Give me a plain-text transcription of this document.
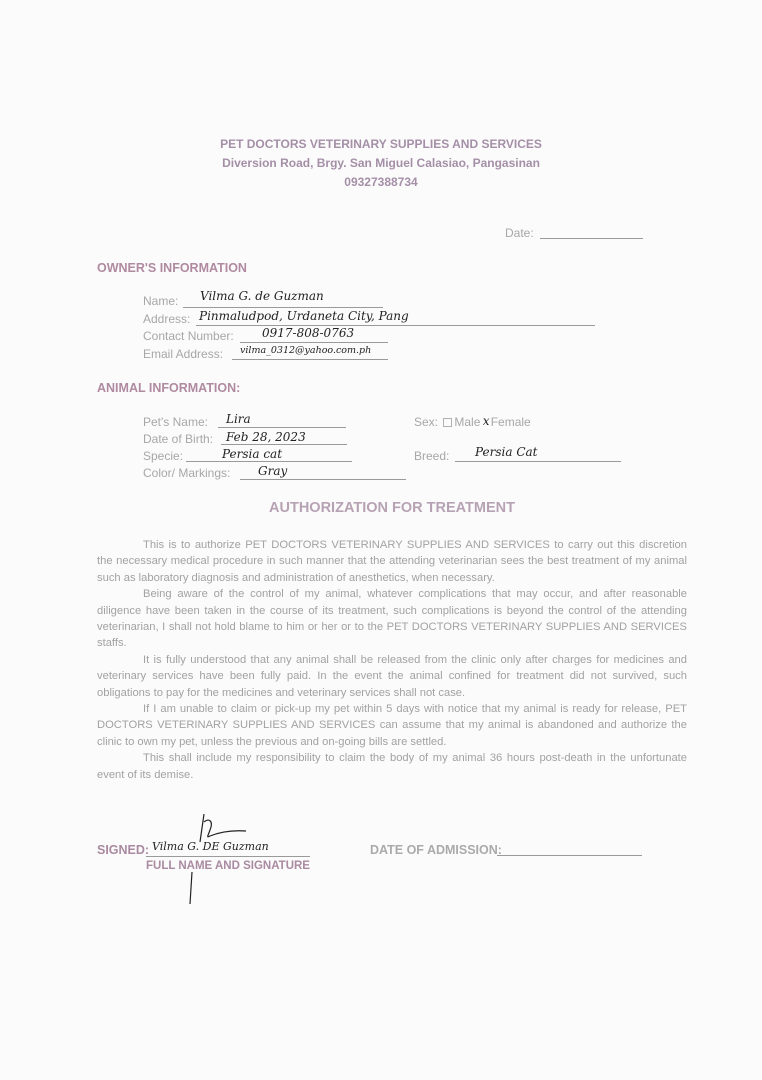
PET DOCTORS VETERINARY SUPPLIES AND SERVICES
Diversion Road, Brgy. San Miguel Calasiao, Pangasinan
09327388734
Date:
OWNER'S INFORMATION
Name: Vilma G. de Guzman
Address: Pinmaludpod, Urdaneta City, Pang
Contact Number: 0917-808-0763
Email Address: vilma_0312@yahoo.com.ph
ANIMAL INFORMATION:
Pet's Name: Lira
Date of Birth: Feb 28, 2023
Specie:	Persia cat
Color/ Markings: Gray
Sex: Male x Female
Breed: Persia Cat
AUTHORIZATION FOR TREATMENT

This is to authorize PET DOCTORS VETERINARY SUPPLIES AND SERVICES to carry out this discretion the necessary medical procedure in such manner that the attending veterinarian sees the best treatment of my animal such as laboratory diagnosis and administration of anesthetics, when necessary.

Being aware of the control of my animal, whatever complications that may occur, and after reasonable diligence have been taken in the course of its treatment, such complications is beyond the control of the attending veterinarian, I shall not hold blame to him or her or to the PET DOCTORS VETERINARY SUPPLIES AND SERVICES staffs.

It is fully understood that any animal shall be released from the clinic only after charges for medicines and veterinary services have been fully paid. In the event the animal confined for treatment did not survived, such obligations to pay for the medicines and veterinary services shall not case.

If I am unable to claim or pick-up my pet within 5 days with notice that my animal is ready for release, PET DOCTORS VETERINARY SUPPLIES AND SERVICES can assume that my animal is abandoned and authorize the clinic to own my pet, unless the previous and on-going bills are settled.

This shall include my responsibility to claim the body of my animal 36 hours post-death in the unfortunate event of its demise.

SIGNED: Vilma G. DE Guzman
FULL NAME AND SIGNATURE
DATE OF ADMISSION:
